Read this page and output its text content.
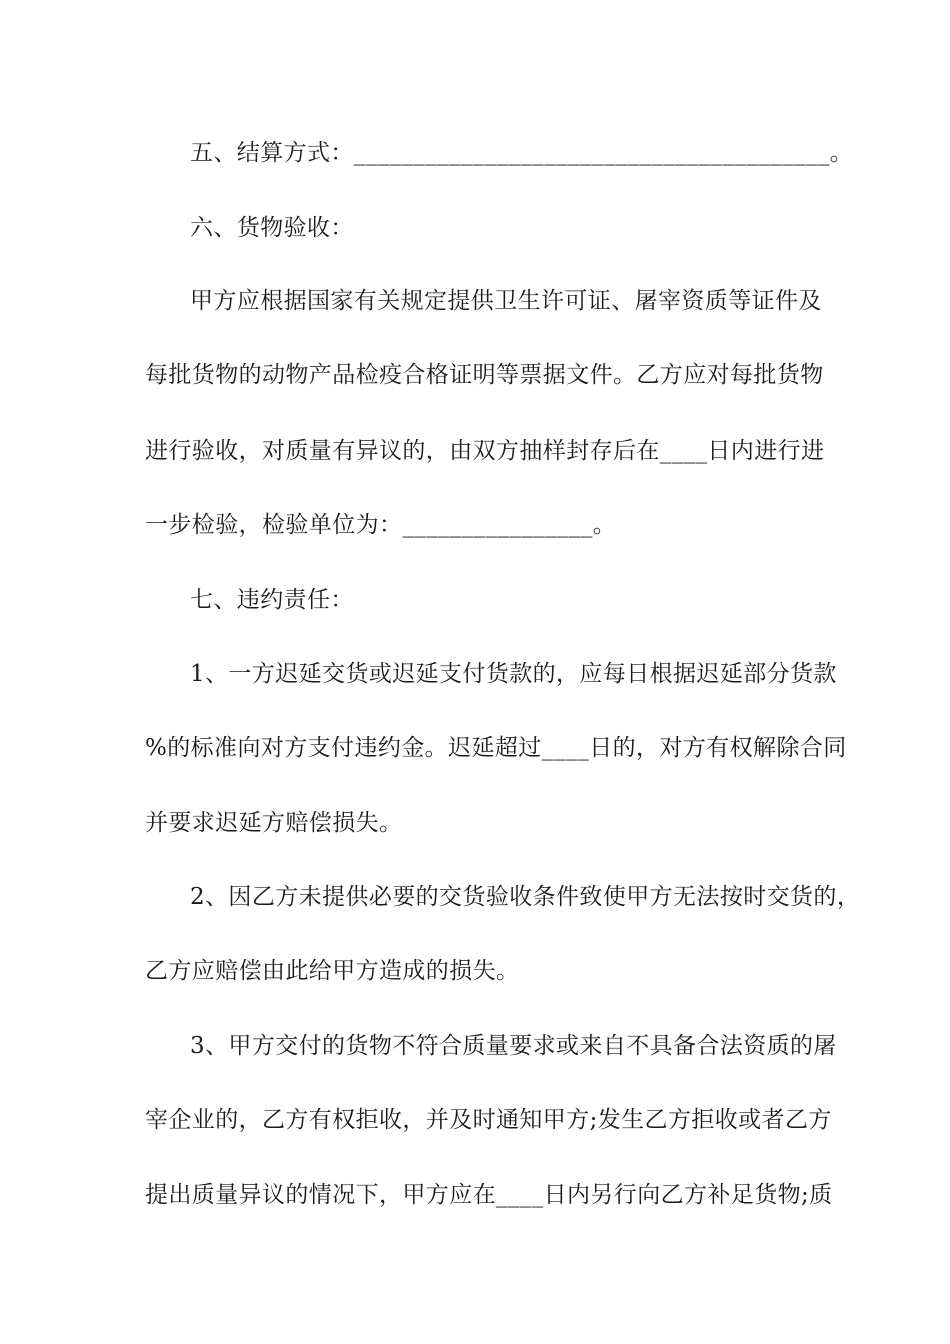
五、结算方式：________________________________________。
六、货物验收：
甲方应根据国家有关规定提供卫生许可证、屠宰资质等证件及
每批货物的动物产品检疫合格证明等票据文件。乙方应对每批货物
进行验收，对质量有异议的，由双方抽样封存后在____日内进行进
一步检验，检验单位为：________________。
七、违约责任：
1、一方迟延交货或迟延支付货款的，应每日根据迟延部分货款
%的标准向对方支付违约金。迟延超过____日的，对方有权解除合同
并要求迟延方赔偿损失。
2、因乙方未提供必要的交货验收条件致使甲方无法按时交货的，
乙方应赔偿由此给甲方造成的损失。
3、甲方交付的货物不符合质量要求或来自不具备合法资质的屠
宰企业的，乙方有权拒收，并及时通知甲方;发生乙方拒收或者乙方
提出质量异议的情况下，甲方应在____日内另行向乙方补足货物;质
